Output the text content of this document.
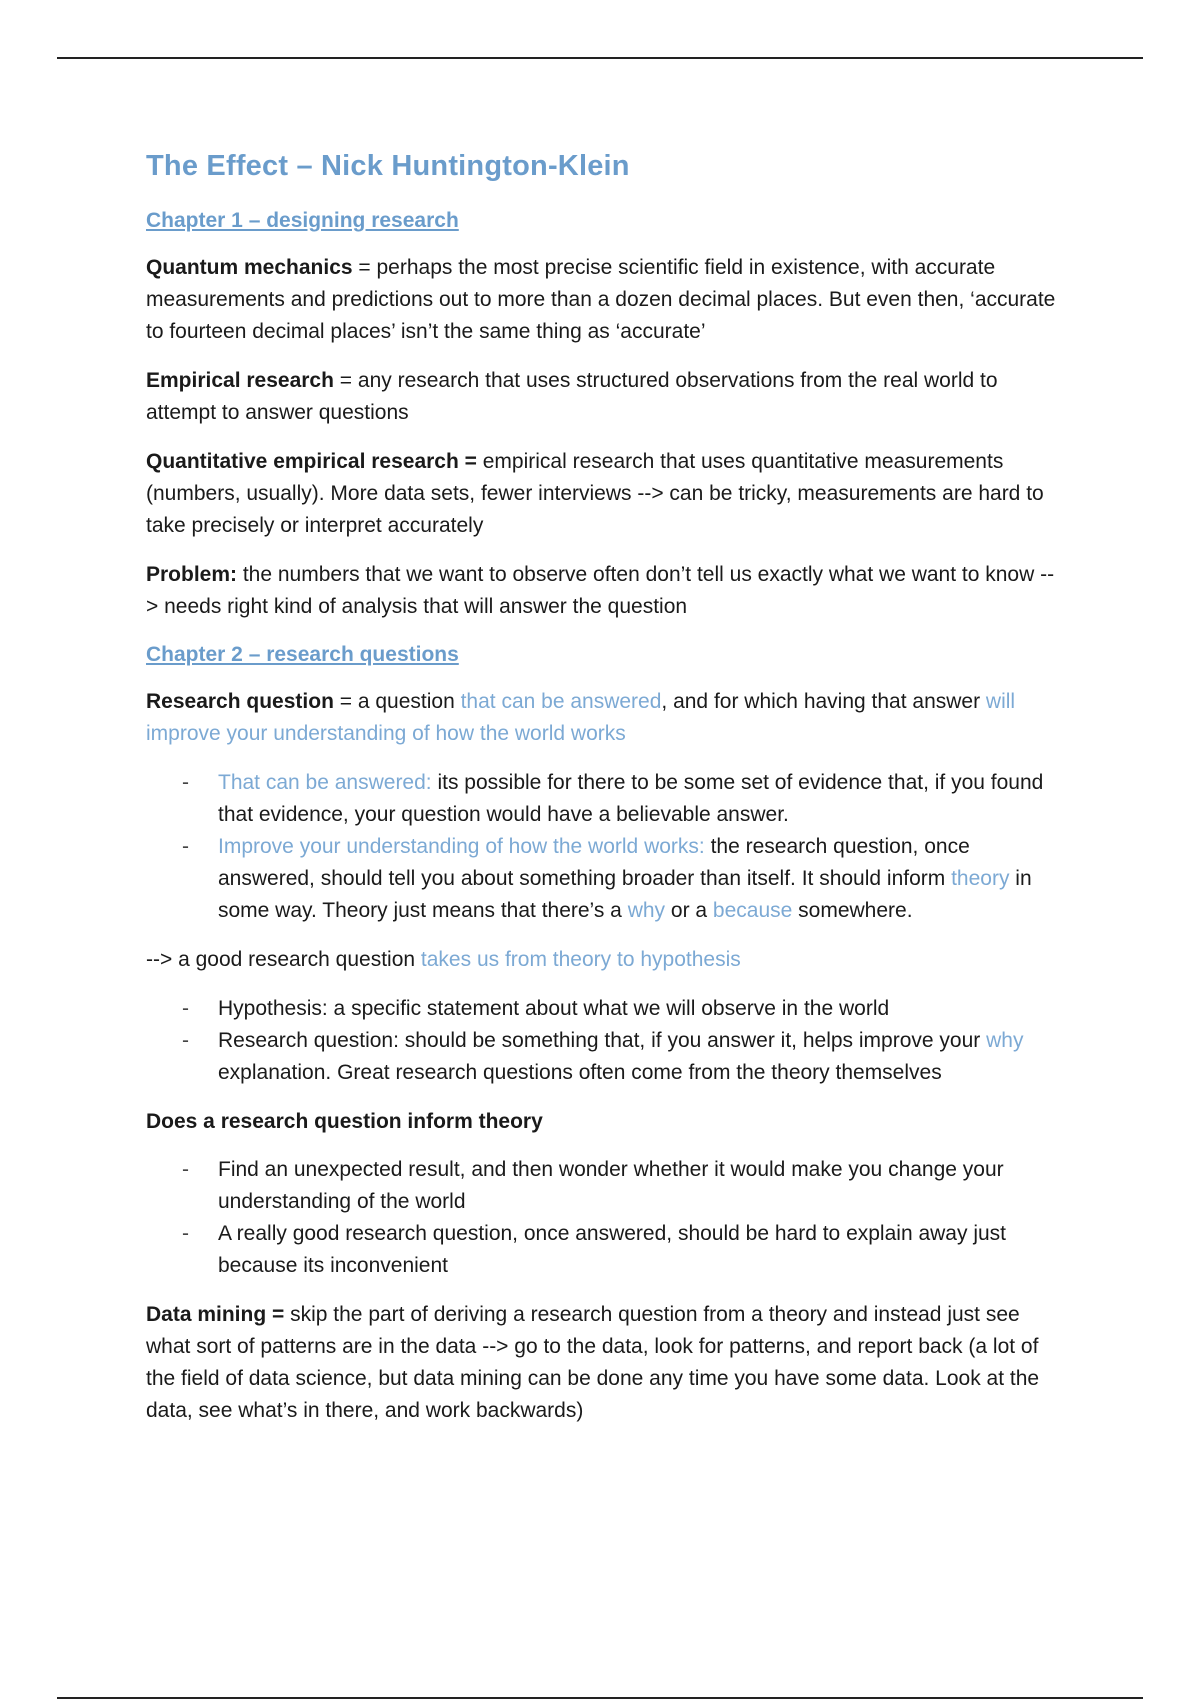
The Effect – Nick Huntington-Klein
Chapter 1 – designing research

Quantum mechanics = perhaps the most precise scientific field in existence, with accurate measurements and predictions out to more than a dozen decimal places. But even then, ‘accurate to fourteen decimal places’ isn’t the same thing as ‘accurate’

Empirical research = any research that uses structured observations from the real world to attempt to answer questions

Quantitative empirical research = empirical research that uses quantitative measurements (numbers, usually). More data sets, fewer interviews --> can be tricky, measurements are hard to take precisely or interpret accurately

Problem: the numbers that we want to observe often don’t tell us exactly what we want to know --> needs right kind of analysis that will answer the question

Chapter 2 – research questions

Research question = a question that can be answered, and for which having that answer will improve your understanding of how the world works

- That can be answered: its possible for there to be some set of evidence that, if you found that evidence, your question would have a believable answer.
- Improve your understanding of how the world works: the research question, once answered, should tell you about something broader than itself. It should inform theory in some way. Theory just means that there’s a why or a because somewhere.

--> a good research question takes us from theory to hypothesis

- Hypothesis: a specific statement about what we will observe in the world
- Research question: should be something that, if you answer it, helps improve your why explanation. Great research questions often come from the theory themselves
Does a research question inform theory
- Find an unexpected result, and then wonder whether it would make you change your understanding of the world
- A really good research question, once answered, should be hard to explain away just because its inconvenient

Data mining = skip the part of deriving a research question from a theory and instead just see what sort of patterns are in the data --> go to the data, look for patterns, and report back (a lot of the field of data science, but data mining can be done any time you have some data. Look at the data, see what’s in there, and work backwards)
